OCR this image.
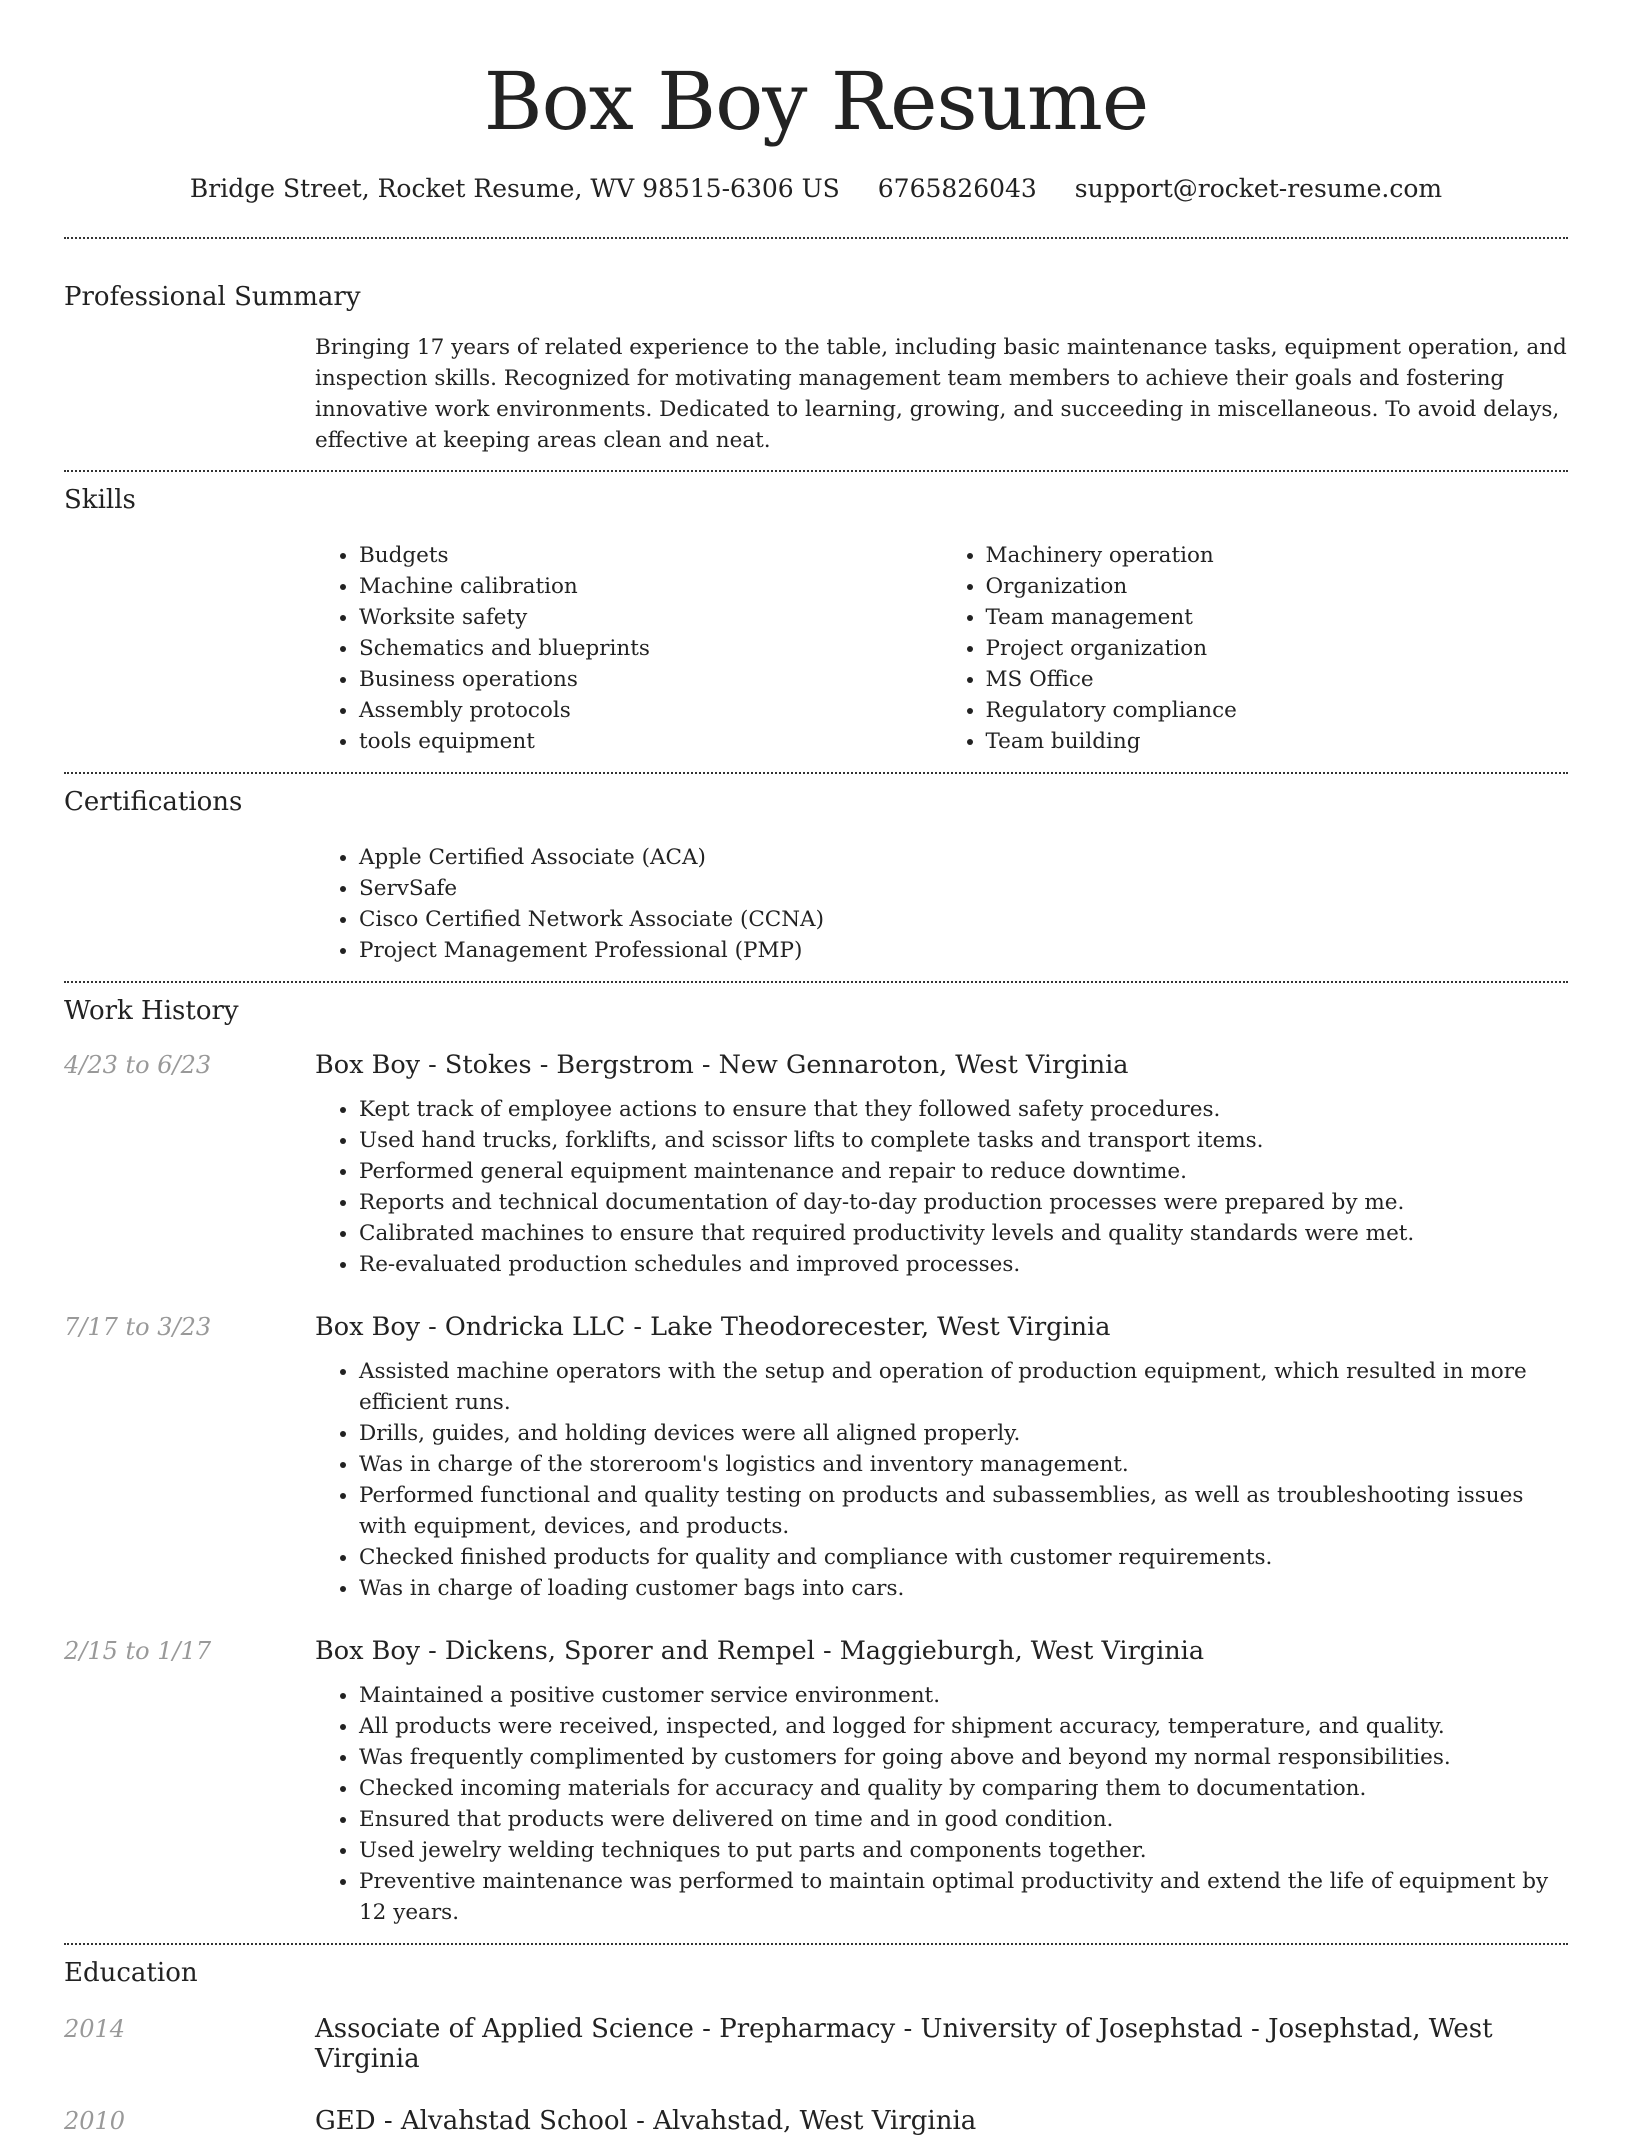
Box Boy Resume
Bridge Street, Rocket Resume, WV 98515-6306 US 6765826043 support@rocket-resume.com
Professional Summary
Bringing 17 years of related experience to the table, including basic maintenance tasks, equipment operation, and inspection skills. Recognized for motivating management team members to achieve their goals and fostering innovative work environments. Dedicated to learning, growing, and succeeding in miscellaneous. To avoid delays, effective at keeping areas clean and neat.
Skills
• Budgets
• Machine calibration
• Worksite safety
• Schematics and blueprints
• Business operations
• Assembly protocols
• tools equipment
• Machinery operation
• Organization
• Team management
• Project organization
• MS Office
• Regulatory compliance
• Team building
Certifications
• Apple Certified Associate (ACA)
• ServSafe
• Cisco Certified Network Associate (CCNA)
• Project Management Professional (PMP)
Work History
4/23 to 6/23	Box Boy - Stokes - Bergstrom - New Gennaroton, West Virginia
• Kept track of employee actions to ensure that they followed safety procedures.
• Used hand trucks, forklifts, and scissor lifts to complete tasks and transport items.
• Performed general equipment maintenance and repair to reduce downtime.
• Reports and technical documentation of day-to-day production processes were prepared by me.
• Calibrated machines to ensure that required productivity levels and quality standards were met.
• Re-evaluated production schedules and improved processes.
7/17 to 3/23	Box Boy - Ondricka LLC - Lake Theodorecester, West Virginia
• Assisted machine operators with the setup and operation of production equipment, which resulted in more efficient runs.
• Drills, guides, and holding devices were all aligned properly.
• Was in charge of the storeroom's logistics and inventory management.
• Performed functional and quality testing on products and subassemblies, as well as troubleshooting issues with equipment, devices, and products.
• Checked finished products for quality and compliance with customer requirements.
• Was in charge of loading customer bags into cars.
2/15 to 1/17	Box Boy - Dickens, Sporer and Rempel - Maggieburgh, West Virginia
• Maintained a positive customer service environment.
• All products were received, inspected, and logged for shipment accuracy, temperature, and quality.
• Was frequently complimented by customers for going above and beyond my normal responsibilities.
• Checked incoming materials for accuracy and quality by comparing them to documentation.
• Ensured that products were delivered on time and in good condition.
• Used jewelry welding techniques to put parts and components together.
• Preventive maintenance was performed to maintain optimal productivity and extend the life of equipment by 12 years.
Education
2014	Associate of Applied Science - Prepharmacy - University of Josephstad - Josephstad, West Virginia
2010	GED - Alvahstad School - Alvahstad, West Virginia
